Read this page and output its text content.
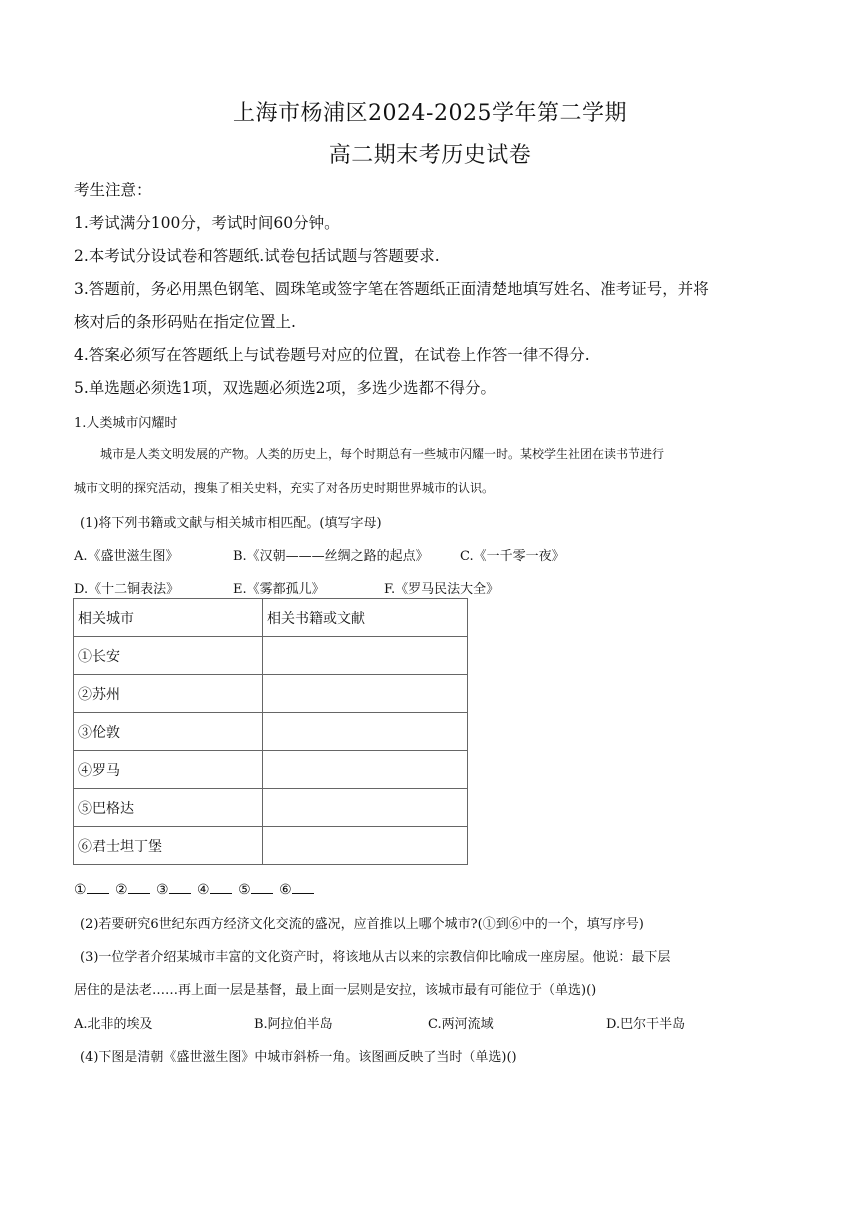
上海市杨浦区2024-2025学年第二学期
高二期末考历史试卷
考生注意：
1.考试满分100分，考试时间60分钟。
2.本考试分设试卷和答题纸.试卷包括试题与答题要求.
3.答题前，务必用黑色钢笔、圆珠笔或签字笔在答题纸正面清楚地填写姓名、准考证号，并将
核对后的条形码贴在指定位置上.
4.答案必须写在答题纸上与试卷题号对应的位置，在试卷上作答一律不得分.
5.单选题必须选1项，双选题必须选2项，多选少选都不得分。
1.人类城市闪耀时
城市是人类文明发展的产物。人类的历史上，每个时期总有一些城市闪耀一时。某校学生社团在读书节进行
城市文明的探究活动，搜集了相关史料，充实了对各历史时期世界城市的认识。
(1)将下列书籍或文献与相关城市相匹配。(填写字母)
A.《盛世滋生图》	B.《汉朝———丝绸之路的起点》 C.《一千零一夜》
D.《十二铜表法》	E.《雾都孤儿》	F.《罗马民法大全》
相关城市	相关书籍或文献
①长安	
②苏州	
③伦敦	
④罗马	
⑤巴格达	
⑥君士坦丁堡	
① ② ③ ④ ⑤ ⑥
(2)若要研究6世纪东西方经济文化交流的盛况，应首推以上哪个城市?(①到⑥中的一个，填写序号)
(3)一位学者介绍某城市丰富的文化资产时，将该地从古以来的宗教信仰比喻成一座房屋。他说：最下层
居住的是法老……再上面一层是基督，最上面一层则是安拉，该城市最有可能位于（单选)()
A.北非的埃及	B.阿拉伯半岛	C.两河流域	D.巴尔干半岛
(4)下图是清朝《盛世滋生图》中城市斜桥一角。该图画反映了当时（单选)()
